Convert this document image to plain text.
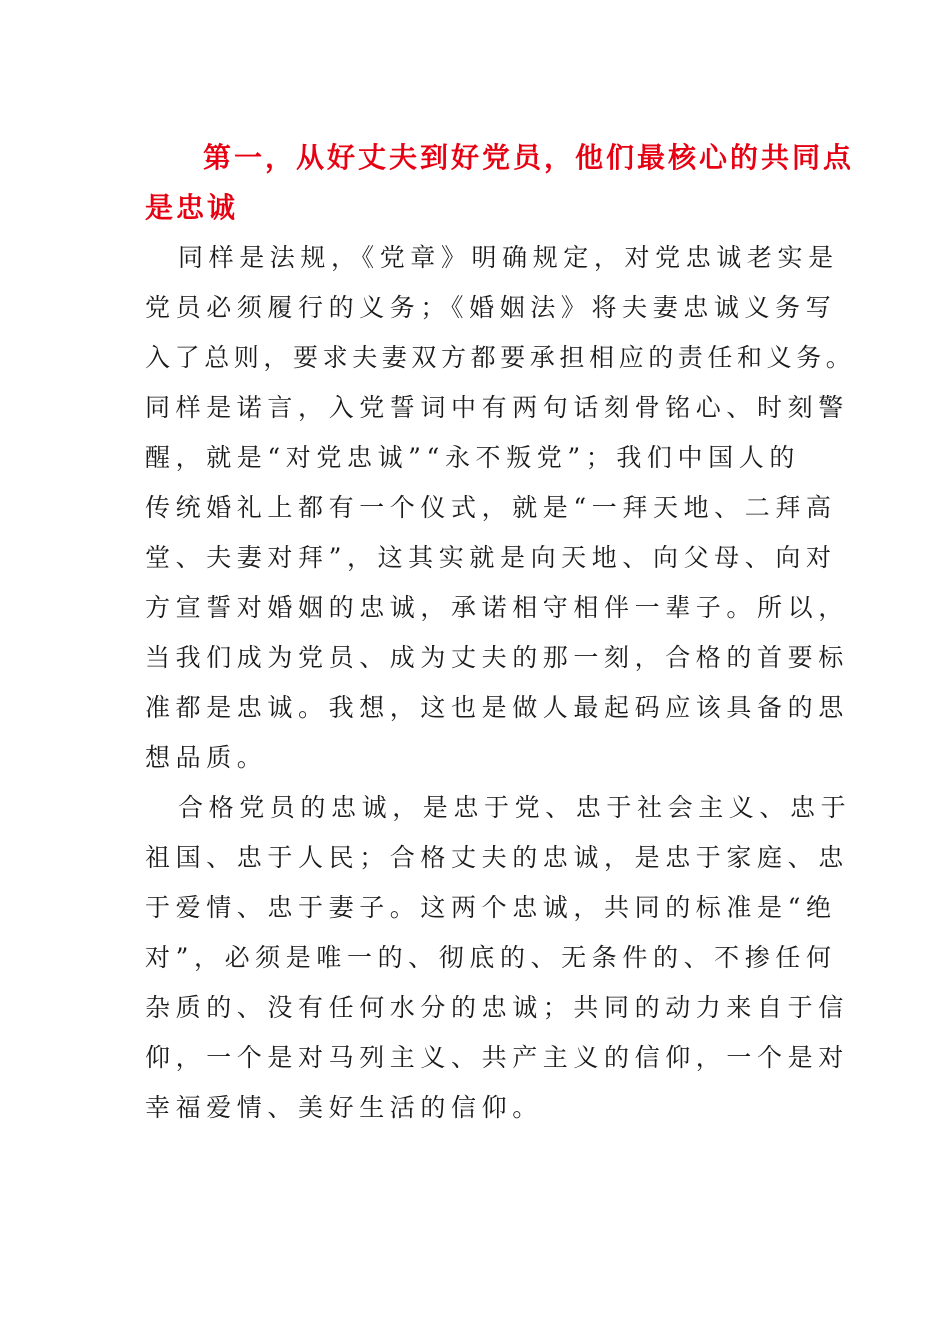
第一，从好丈夫到好党员，他们最核心的共同点
是忠诚
同样是法规，《党章》明确规定，对党忠诚老实是
党员必须履行的义务；《婚姻法》将夫妻忠诚义务写
入了总则，要求夫妻双方都要承担相应的责任和义务。
同样是诺言，入党誓词中有两句话刻骨铭心、时刻警
醒，就是“对党忠诚”“永不叛党”；我们中国人的
传统婚礼上都有一个仪式，就是“一拜天地、二拜高
堂、夫妻对拜”，这其实就是向天地、向父母、向对
方宣誓对婚姻的忠诚，承诺相守相伴一辈子。所以，
当我们成为党员、成为丈夫的那一刻，合格的首要标
准都是忠诚。我想，这也是做人最起码应该具备的思
想品质。
合格党员的忠诚，是忠于党、忠于社会主义、忠于
祖国、忠于人民；合格丈夫的忠诚，是忠于家庭、忠
于爱情、忠于妻子。这两个忠诚，共同的标准是“绝
对”，必须是唯一的、彻底的、无条件的、不掺任何
杂质的、没有任何水分的忠诚；共同的动力来自于信
仰，一个是对马列主义、共产主义的信仰，一个是对
幸福爱情、美好生活的信仰。
